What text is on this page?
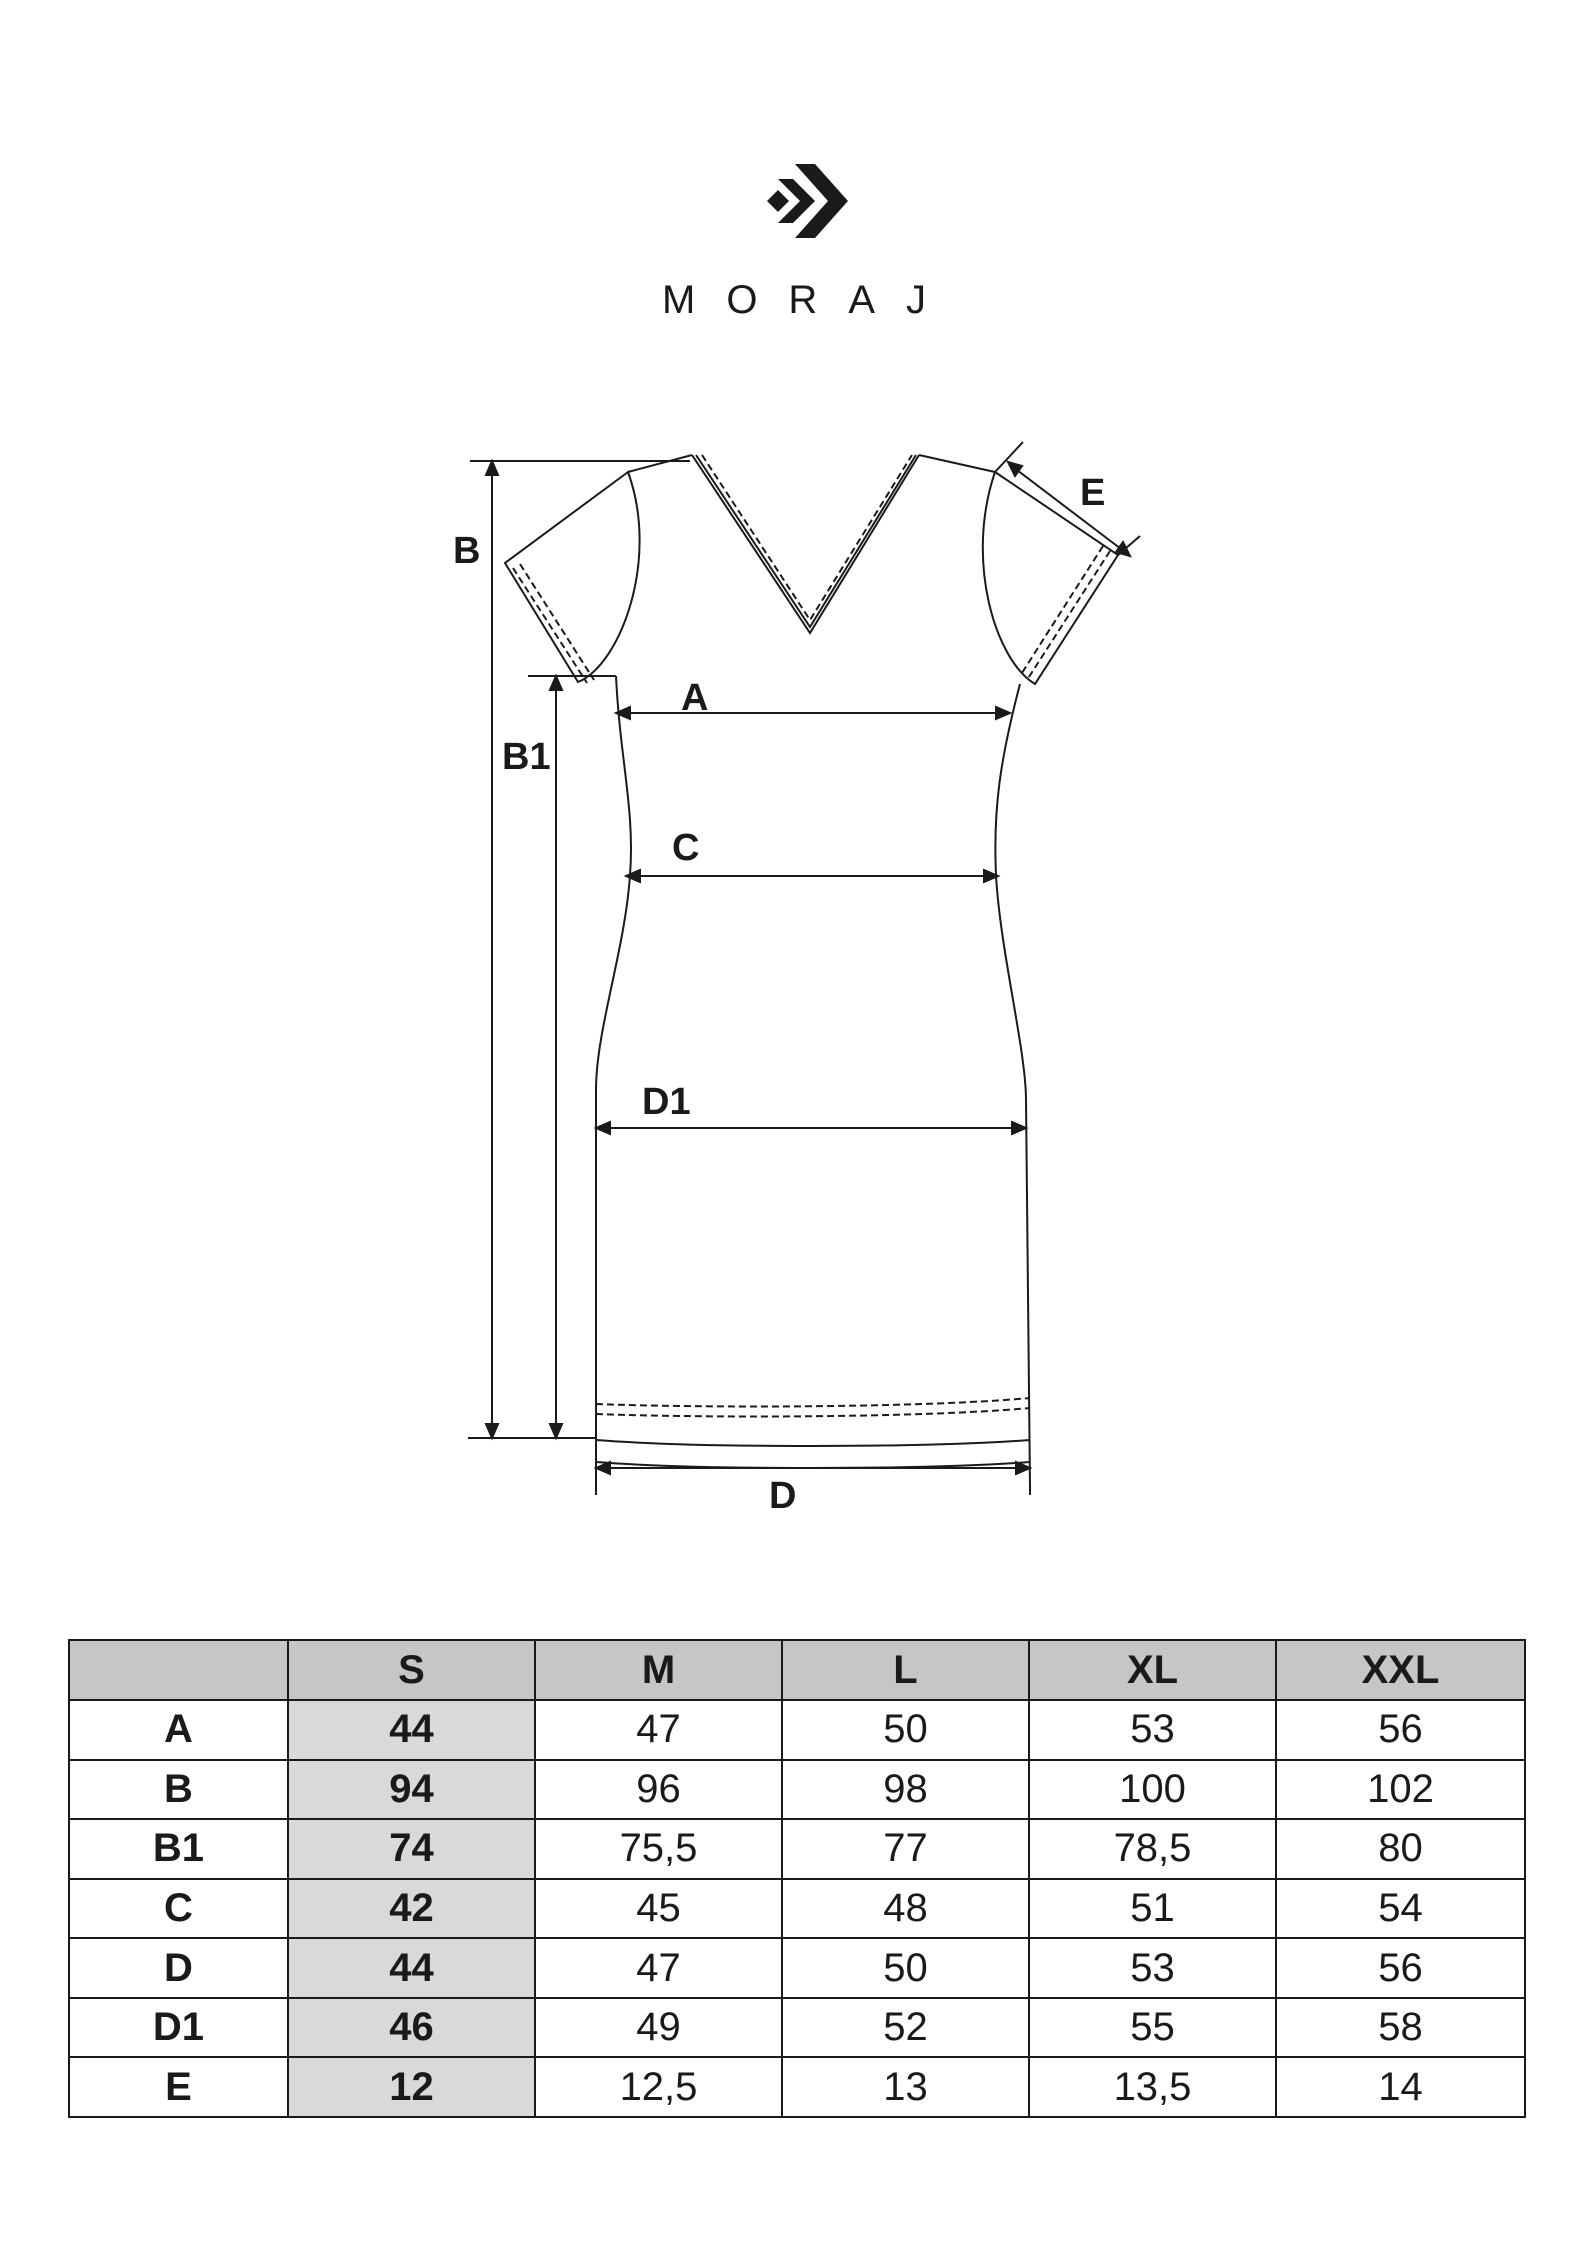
MORAJ
B
B1
A
C
D1
D
E
	S	M	L	XL	XXL
A	44	47	50	53	56
B	94	96	98	100	102
B1	74	75,5	77	78,5	80
C	42	45	48	51	54
D	44	47	50	53	56
D1	46	49	52	55	58
E	12	12,5	13	13,5	14
